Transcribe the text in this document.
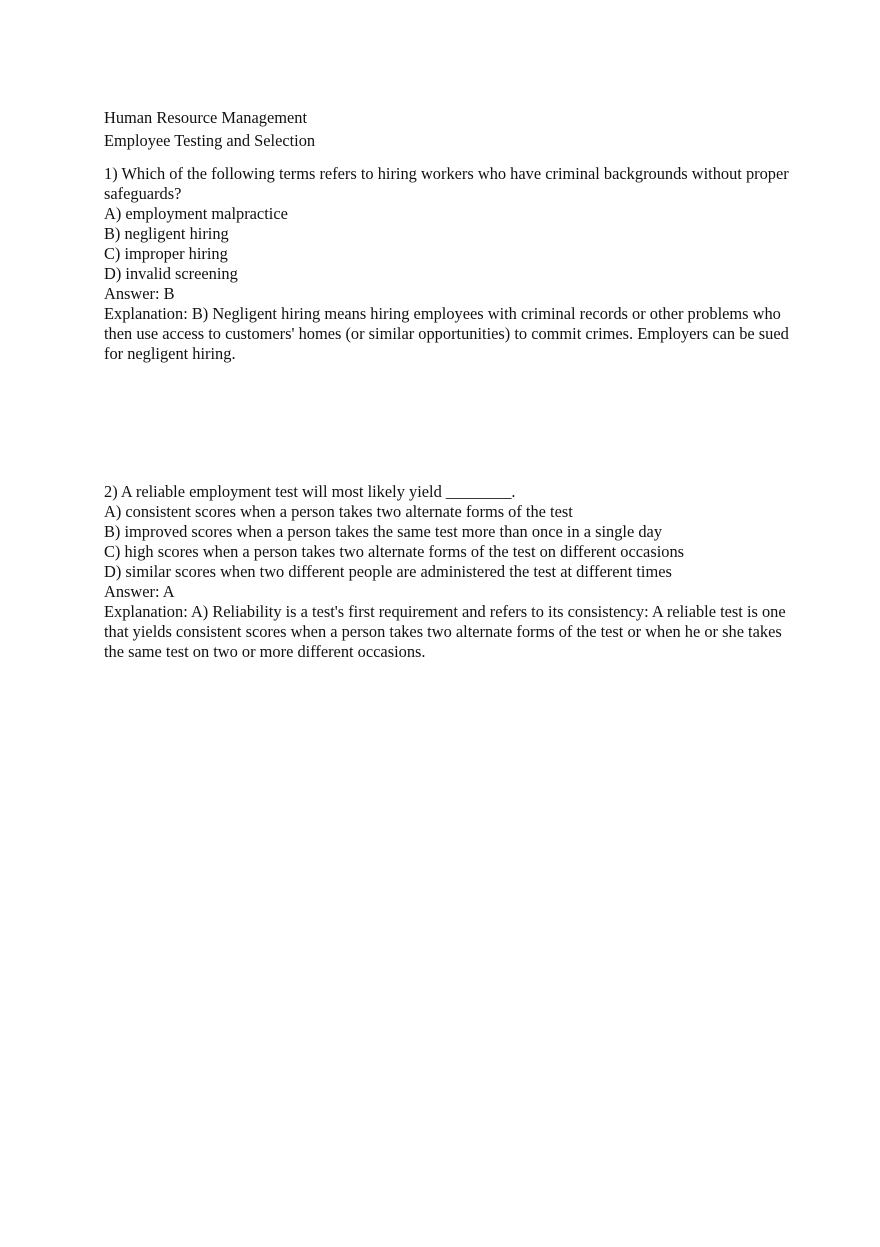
Human Resource Management
Employee Testing and Selection
1) Which of the following terms refers to hiring workers who have criminal backgrounds without proper safeguards?
A) employment malpractice
B) negligent hiring
C) improper hiring
D) invalid screening
Answer: B
Explanation: B) Negligent hiring means hiring employees with criminal records or other problems who then use access to customers' homes (or similar opportunities) to commit crimes. Employers can be sued for negligent hiring.
2) A reliable employment test will most likely yield ________.
A) consistent scores when a person takes two alternate forms of the test
B) improved scores when a person takes the same test more than once in a single day
C) high scores when a person takes two alternate forms of the test on different occasions
D) similar scores when two different people are administered the test at different times
Answer: A
Explanation: A) Reliability is a test's first requirement and refers to its consistency: A reliable test is one that yields consistent scores when a person takes two alternate forms of the test or when he or she takes the same test on two or more different occasions.
